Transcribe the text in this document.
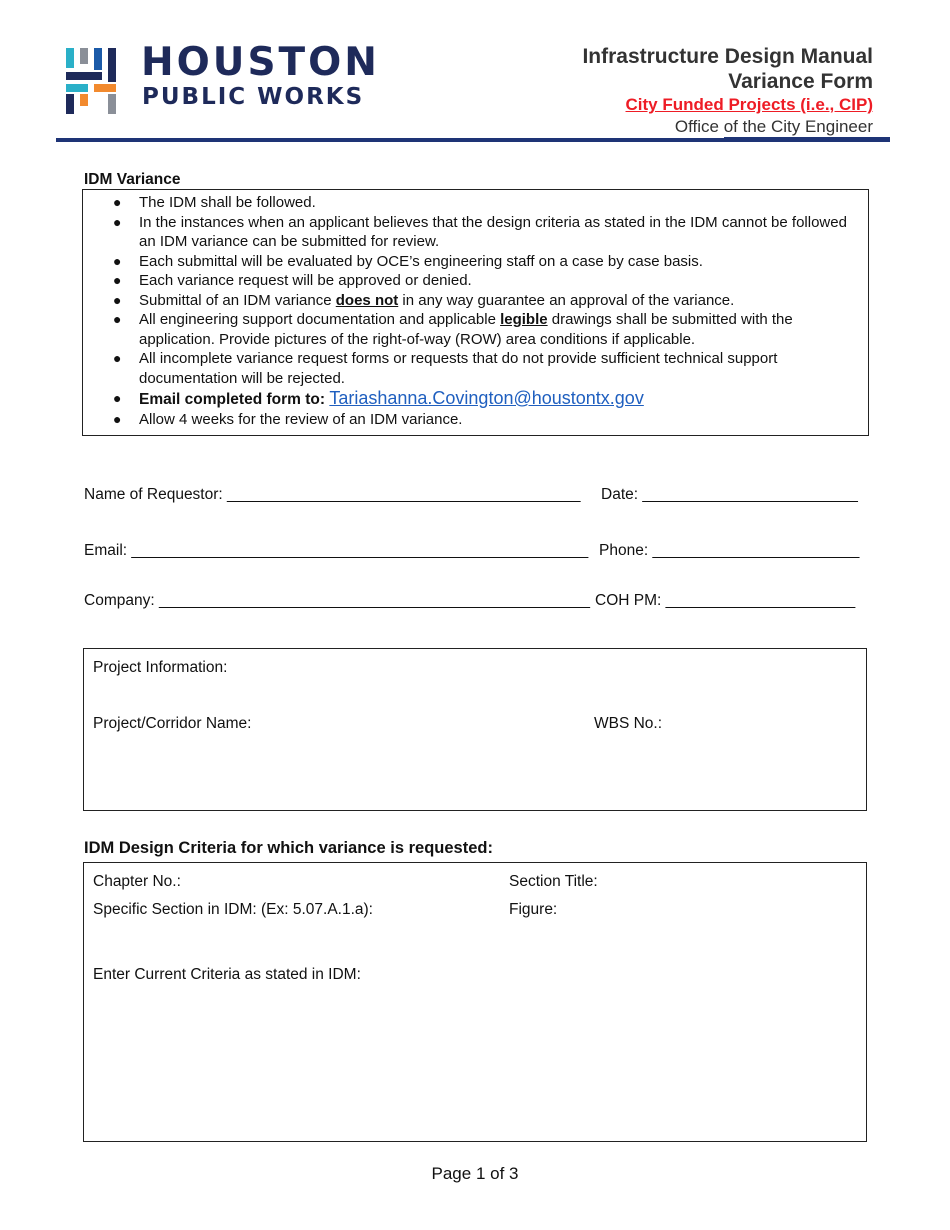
HOUSTON
PUBLIC WORKS
Infrastructure Design Manual
Variance Form
City Funded Projects (i.e., CIP)
Office of the City Engineer
IDM Variance
● The IDM shall be followed.
● In the instances when an applicant believes that the design criteria as stated in the IDM cannot be followed an IDM variance can be submitted for review.
● Each submittal will be evaluated by OCE’s engineering staff on a case by case basis.
● Each variance request will be approved or denied.
● Submittal of an IDM variance does not in any way guarantee an approval of the variance.
● All engineering support documentation and applicable legible drawings shall be submitted with the application. Provide pictures of the right-of-way (ROW) area conditions if applicable.
● All incomplete variance request forms or requests that do not provide sufficient technical support documentation will be rejected.
● Email completed form to: Tariashanna.Covington@houstontx.gov
● Allow 4 weeks for the review of an IDM variance.
Name of Requestor: _________________________________________ Date: _________________________
Email: _____________________________________________________ Phone: ________________________
Company: __________________________________________________ COH PM: ______________________
Project Information:
Project/Corridor Name:	WBS No.:
IDM Design Criteria for which variance is requested:
Chapter No.:	Section Title:
Specific Section in IDM: (Ex: 5.07.A.1.a):	Figure:
Enter Current Criteria as stated in IDM:
Page 1 of 3
